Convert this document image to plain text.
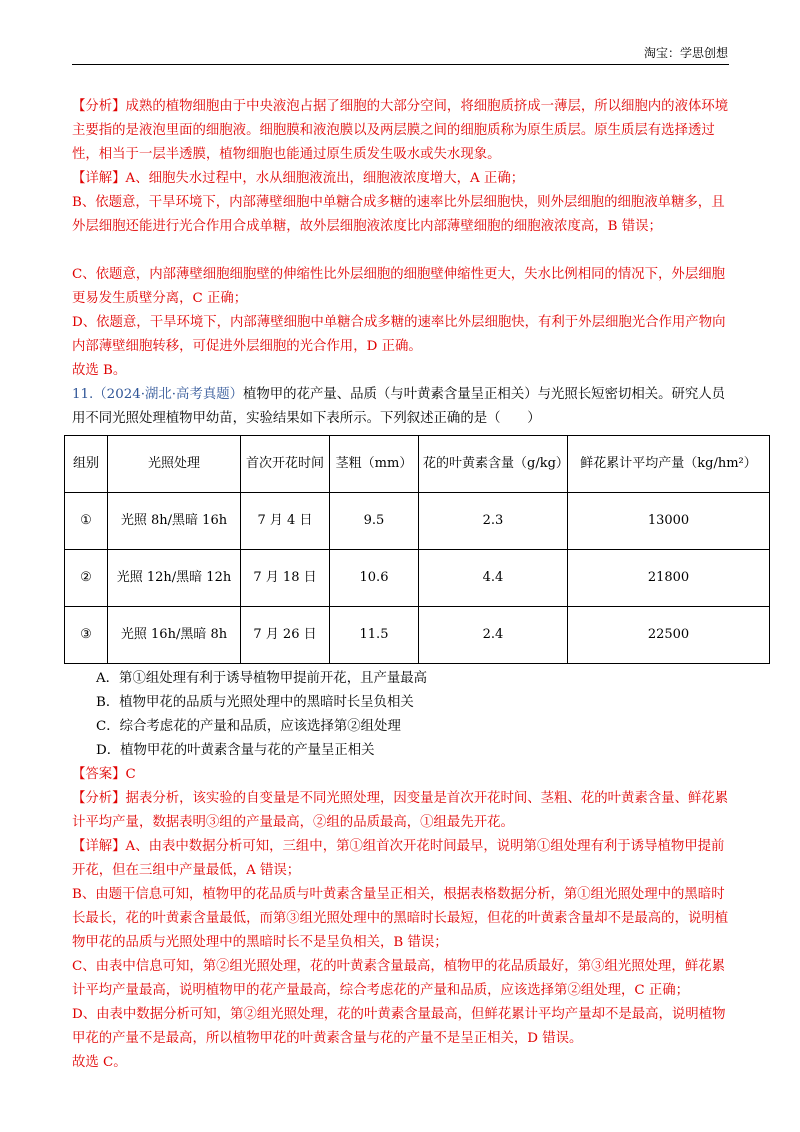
淘宝：学思创想

【分析】成熟的植物细胞由于中央液泡占据了细胞的大部分空间，将细胞质挤成一薄层，所以细胞内的液体环境主要指的是液泡里面的细胞液。细胞膜和液泡膜以及两层膜之间的细胞质称为原生质层。原生质层有选择透过性，相当于一层半透膜，植物细胞也能通过原生质发生吸水或失水现象。

【详解】A、细胞失水过程中，水从细胞液流出，细胞液浓度增大，A 正确；

B、依题意，干旱环境下，内部薄壁细胞中单糖合成多糖的速率比外层细胞快，则外层细胞的细胞液单糖多，且外层细胞还能进行光合作用合成单糖，故外层细胞液浓度比内部薄壁细胞的细胞液浓度高，B 错误；

C、依题意，内部薄壁细胞细胞壁的伸缩性比外层细胞的细胞壁伸缩性更大，失水比例相同的情况下，外层细胞更易发生质壁分离，C 正确；

D、依题意，干旱环境下，内部薄壁细胞中单糖合成多糖的速率比外层细胞快，有利于外层细胞光合作用产物向内部薄壁细胞转移，可促进外层细胞的光合作用，D 正确。

故选 B。

11.（2024·湖北·高考真题）植物甲的花产量、品质（与叶黄素含量呈正相关）与光照长短密切相关。研究人员用不同光照处理植物甲幼苗，实验结果如下表所示。下列叙述正确的是（　　）

组别	光照处理	首次开花时间	茎粗（mm）	花的叶黄素含量（g/kg）	鲜花累计平均产量（kg/hm²）
①	光照 8h/黑暗 16h	7 月 4 日	9.5	2.3	13000
②	光照 12h/黑暗 12h	7 月 18 日	10.6	4.4	21800
③	光照 16h/黑暗 8h	7 月 26 日	11.5	2.4	22500

A．第①组处理有利于诱导植物甲提前开花，且产量最高

B．植物甲花的品质与光照处理中的黑暗时长呈负相关

C．综合考虑花的产量和品质，应该选择第②组处理

D．植物甲花的叶黄素含量与花的产量呈正相关

【答案】C

【分析】据表分析，该实验的自变量是不同光照处理，因变量是首次开花时间、茎粗、花的叶黄素含量、鲜花累计平均产量，数据表明③组的产量最高，②组的品质最高，①组最先开花。

【详解】A、由表中数据分析可知，三组中，第①组首次开花时间最早，说明第①组处理有利于诱导植物甲提前开花，但在三组中产量最低，A 错误；

B、由题干信息可知，植物甲的花品质与叶黄素含量呈正相关，根据表格数据分析，第①组光照处理中的黑暗时长最长，花的叶黄素含量最低，而第③组光照处理中的黑暗时长最短，但花的叶黄素含量却不是最高的，说明植物甲花的品质与光照处理中的黑暗时长不是呈负相关，B 错误；

C、由表中信息可知，第②组光照处理，花的叶黄素含量最高，植物甲的花品质最好，第③组光照处理，鲜花累计平均产量最高，说明植物甲的花产量最高，综合考虑花的产量和品质，应该选择第②组处理，C 正确；

D、由表中数据分析可知，第②组光照处理，花的叶黄素含量最高，但鲜花累计平均产量却不是最高，说明植物甲花的产量不是最高，所以植物甲花的叶黄素含量与花的产量不是呈正相关，D 错误。

故选 C。
